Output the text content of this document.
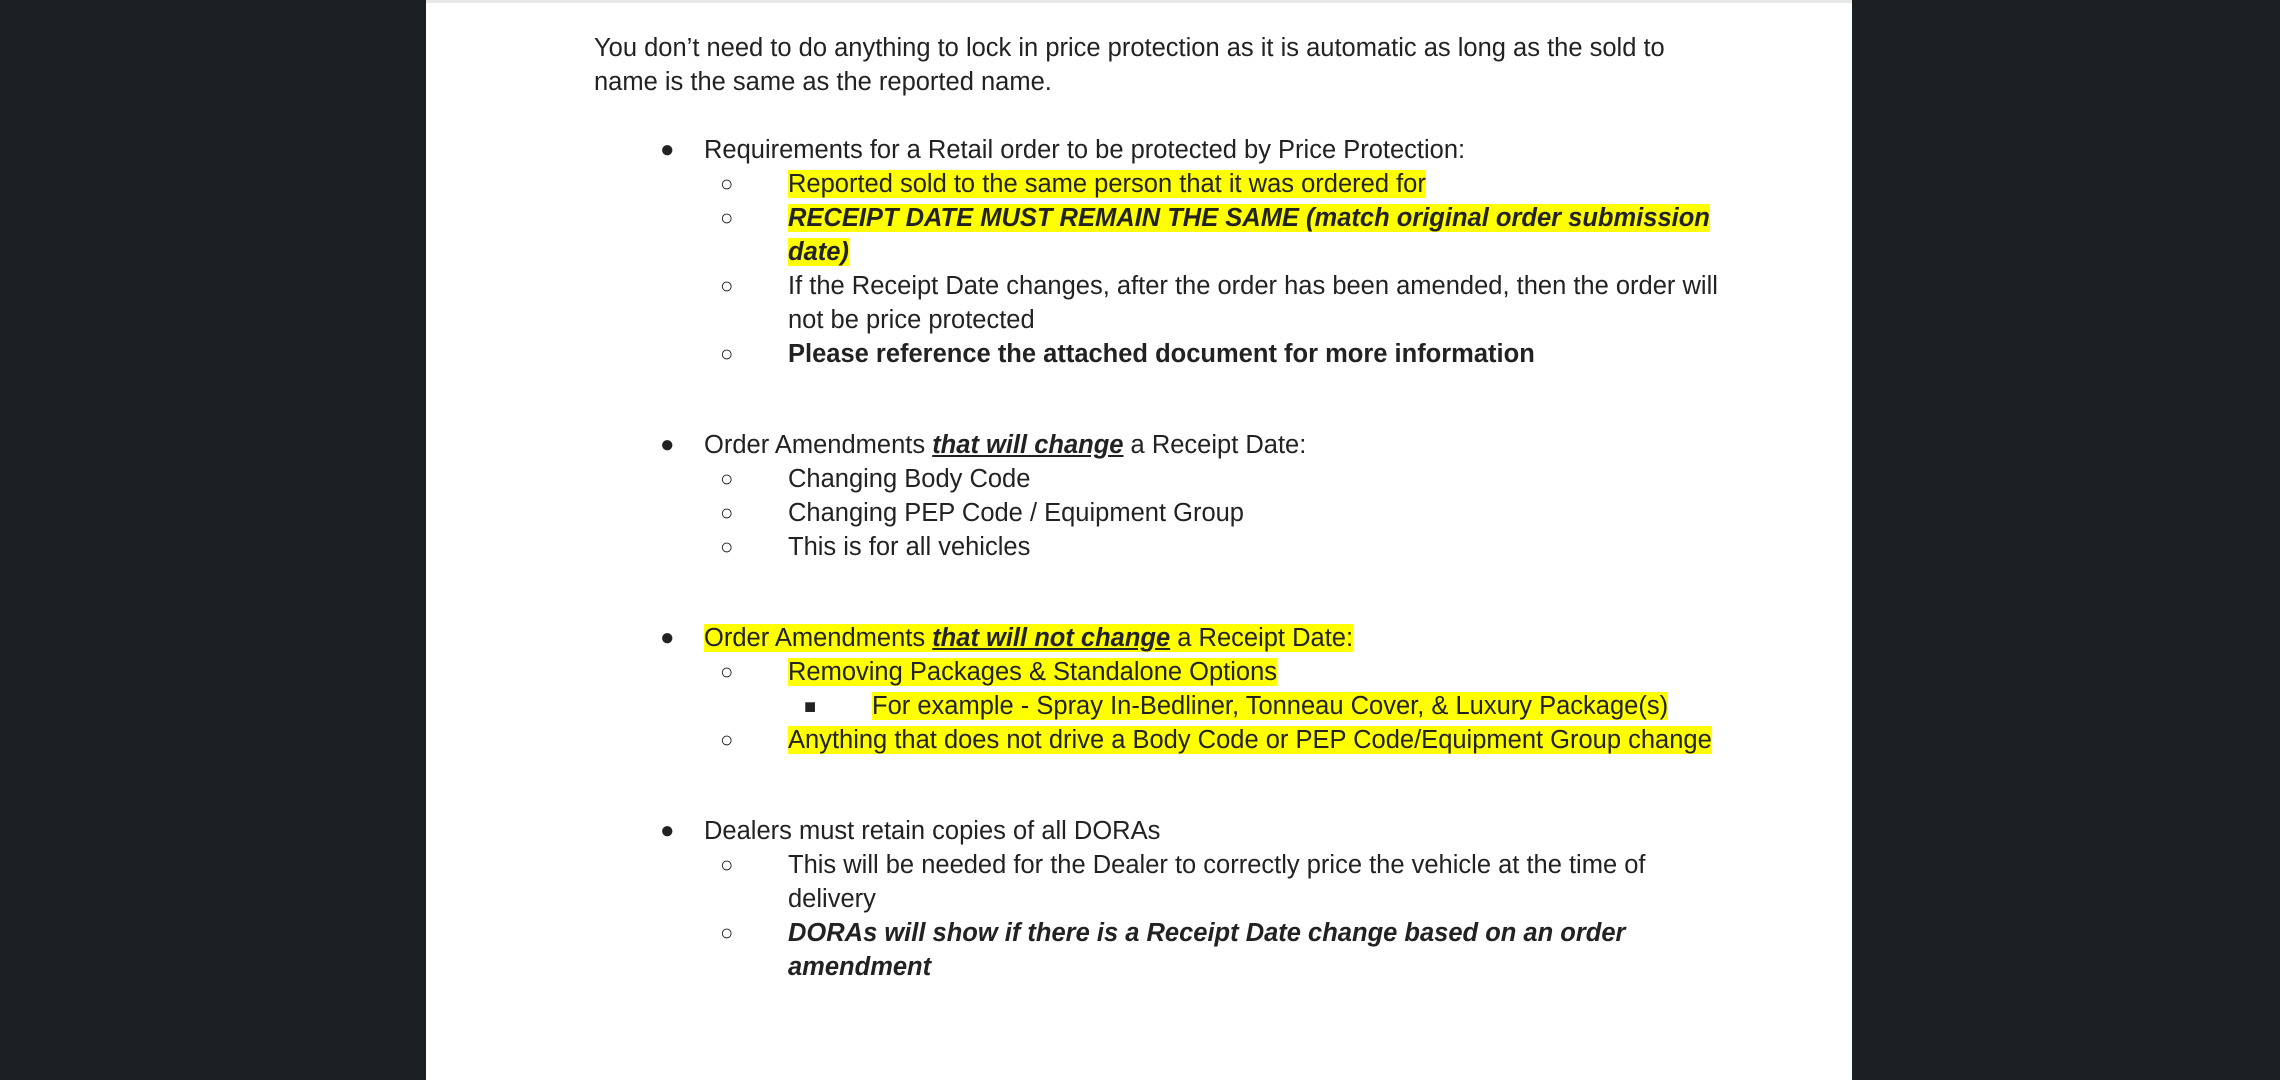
You don’t need to do anything to lock in price protection as it is automatic as long as the sold to name is the same as the reported name.

● Requirements for a Retail order to be protected by Price Protection:
○ Reported sold to the same person that it was ordered for
○ RECEIPT DATE MUST REMAIN THE SAME (match original order submission date)
○ If the Receipt Date changes, after the order has been amended, then the order will not be price protected
○ Please reference the attached document for more information
● Order Amendments that will change a Receipt Date:
○ Changing Body Code
○ Changing PEP Code / Equipment Group
○ This is for all vehicles
● Order Amendments that will not change a Receipt Date:
○ Removing Packages & Standalone Options
■ For example - Spray In-Bedliner, Tonneau Cover, & Luxury Package(s)
○ Anything that does not drive a Body Code or PEP Code/Equipment Group change
● Dealers must retain copies of all DORAs
○ This will be needed for the Dealer to correctly price the vehicle at the time of delivery
○ DORAs will show if there is a Receipt Date change based on an order amendment
